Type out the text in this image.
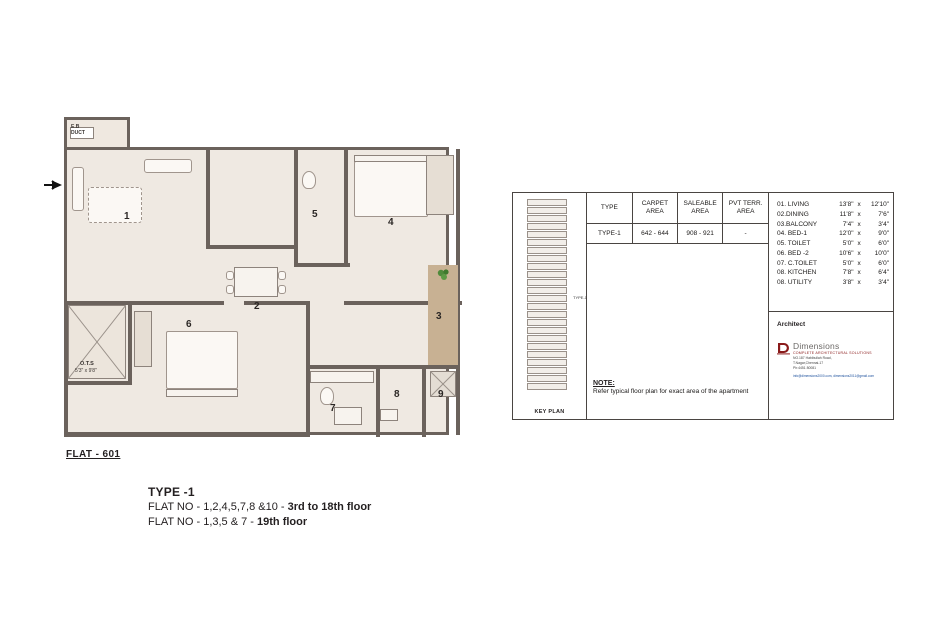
E.B
DUCT
O.T.S
5'3" x 9'8"
1
2
3
4
5
6
7
8	9
FLAT - 601

TYPE -1

FLAT NO - 1,2,4,5,7,8 &10 - 3rd to 18th floor

FLAT NO - 1,3,5 & 7 - 19th floor

TYPE-1
KEY PLAN
TYPE	CARPET AREA	SALEABLE AREA	PVT TERR. AREA
TYPE-1	642 - 644	908 - 921	-
NOTE:
Refer typical floor plan for exact area of the apartment
01. LIVING	13'8" x	12'10"
02.DINING	11'8" x	7'6"
03.BALCONY	7'4" x	3'4"
04. BED-1	12'0" x	9'0"
05. TOILET	5'0" x	6'0"
06. BED -2	10'6" x	10'0"
07. C.TOILET	5'0" x	6'0"
08. KITCHEN	7'8" x	6'4"
08. UTILITY	3'8" x	3'4"
Architect
Dimensions
COMPLETE ARCHITECTURAL SOLUTIONS
NO.187 Habibullah Road,
T.Nagar,Chennai-17
Ph:4451 80081
info@dimensions2000.com, dimensions2011@gmail.com
